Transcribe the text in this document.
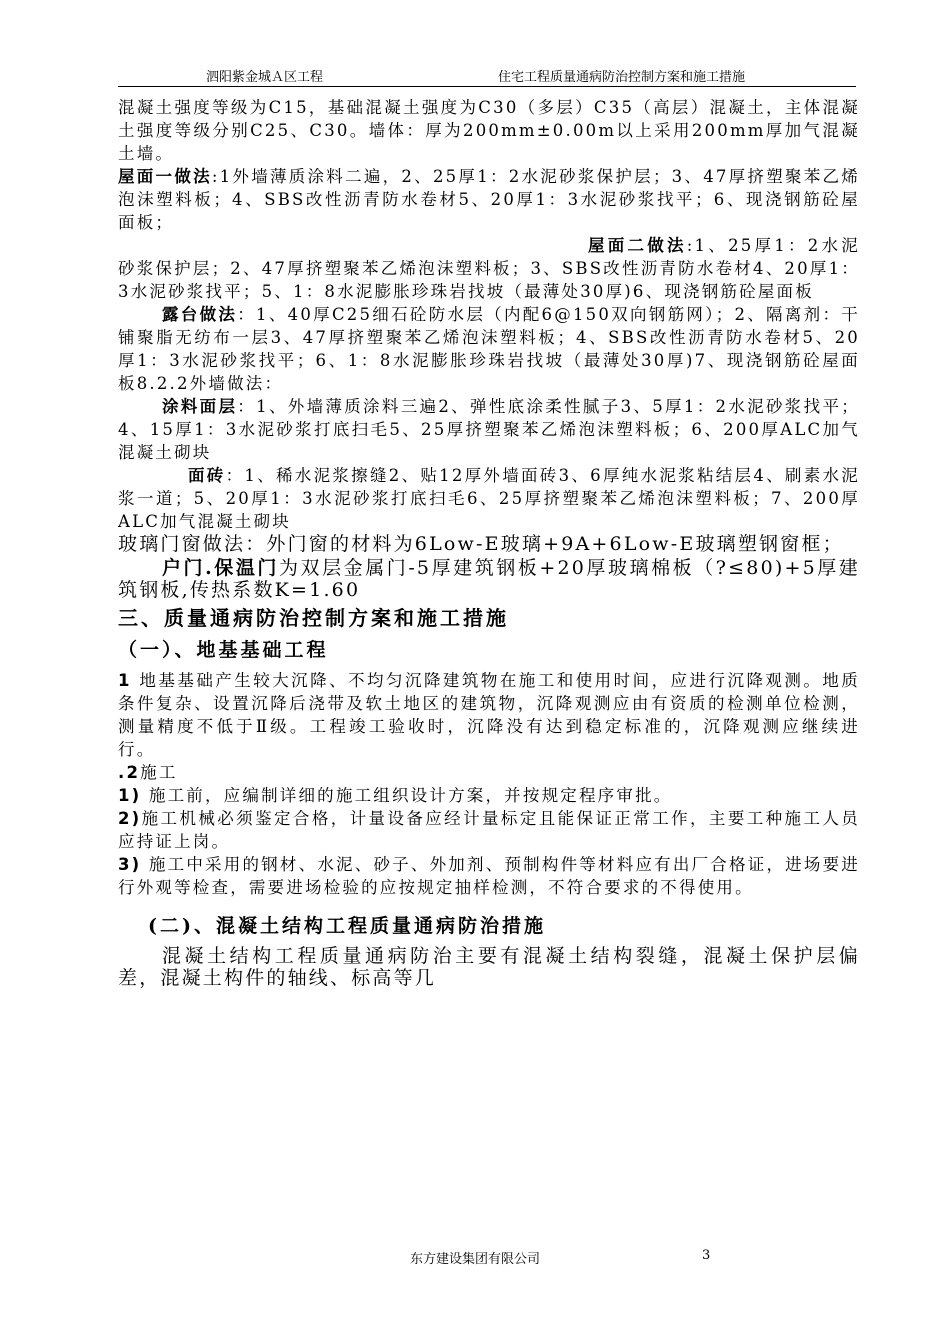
泗阳紫金城Ａ区工程	住宅工程质量通病防治控制方案和施工措施

混凝土强度等级为C15，基础混凝土强度为C30（多层）C35（高层）混凝土，主体混凝土强度等级分别C25、C30。墙体：厚为200mm±0.00m以上采用200mm厚加气混凝土墙。

屋面一做法:1外墙薄质涂料二遍，2、25厚1：2水泥砂浆保护层；3、47厚挤塑聚苯乙烯泡沫塑料板；4、SBS改性沥青防水卷材5、20厚1：3水泥砂浆找平；6、现浇钢筋砼屋面板；

屋面二做法:1、25厚1：2水泥砂浆保护层；2、47厚挤塑聚苯乙烯泡沫塑料板；3、SBS改性沥青防水卷材4、20厚1：3水泥砂浆找平；5、1：8水泥膨胀珍珠岩找坡（最薄处30厚)6、现浇钢筋砼屋面板

露台做法：1、40厚C25细石砼防水层（内配6@150双向钢筋网）；2、隔离剂：干铺聚脂无纺布一层3、47厚挤塑聚苯乙烯泡沫塑料板；4、SBS改性沥青防水卷材5、20厚1：3水泥砂浆找平；6、1：8水泥膨胀珍珠岩找坡（最薄处30厚)7、现浇钢筋砼屋面板8.2.2外墙做法：

涂料面层：1、外墙薄质涂料三遍2、弹性底涂柔性腻子3、5厚1：2水泥砂浆找平；4、15厚1：3水泥砂浆打底扫毛5、25厚挤塑聚苯乙烯泡沫塑料板；6、200厚ALC加气混凝土砌块

面砖：1、稀水泥浆擦缝2、贴12厚外墙面砖3、6厚纯水泥浆粘结层4、刷素水泥浆一道；5、20厚1：3水泥砂浆打底扫毛6、25厚挤塑聚苯乙烯泡沫塑料板；7、200厚ALC加气混凝土砌块

玻璃门窗做法：外门窗的材料为6Low-E玻璃+9A+6Low-E玻璃塑钢窗框；

户门.保温门为双层金属门-5厚建筑钢板+20厚玻璃棉板（?≤80)+5厚建筑钢板,传热系数K=1.60

三、质量通病防治控制方案和施工措施

（一）、地基基础工程

1 地基基础产生较大沉降、不均匀沉降建筑物在施工和使用时间，应进行沉降观测。地质条件复杂、设置沉降后浇带及软土地区的建筑物，沉降观测应由有资质的检测单位检测，测量精度不低于Ⅱ级。工程竣工验收时，沉降没有达到稳定标准的，沉降观测应继续进行。

.2施工

1) 施工前，应编制详细的施工组织设计方案，并按规定程序审批。

2)施工机械必须鉴定合格，计量设备应经计量标定且能保证正常工作，主要工种施工人员应持证上岗。

3) 施工中采用的钢材、水泥、砂子、外加剂、预制构件等材料应有出厂合格证，进场要进行外观等检查，需要进场检验的应按规定抽样检测，不符合要求的不得使用。

(二)、混凝土结构工程质量通病防治措施

混凝土结构工程质量通病防治主要有混凝土结构裂缝，混凝土保护层偏差，混凝土构件的轴线、标高等几

东方建设集团有限公司	3
